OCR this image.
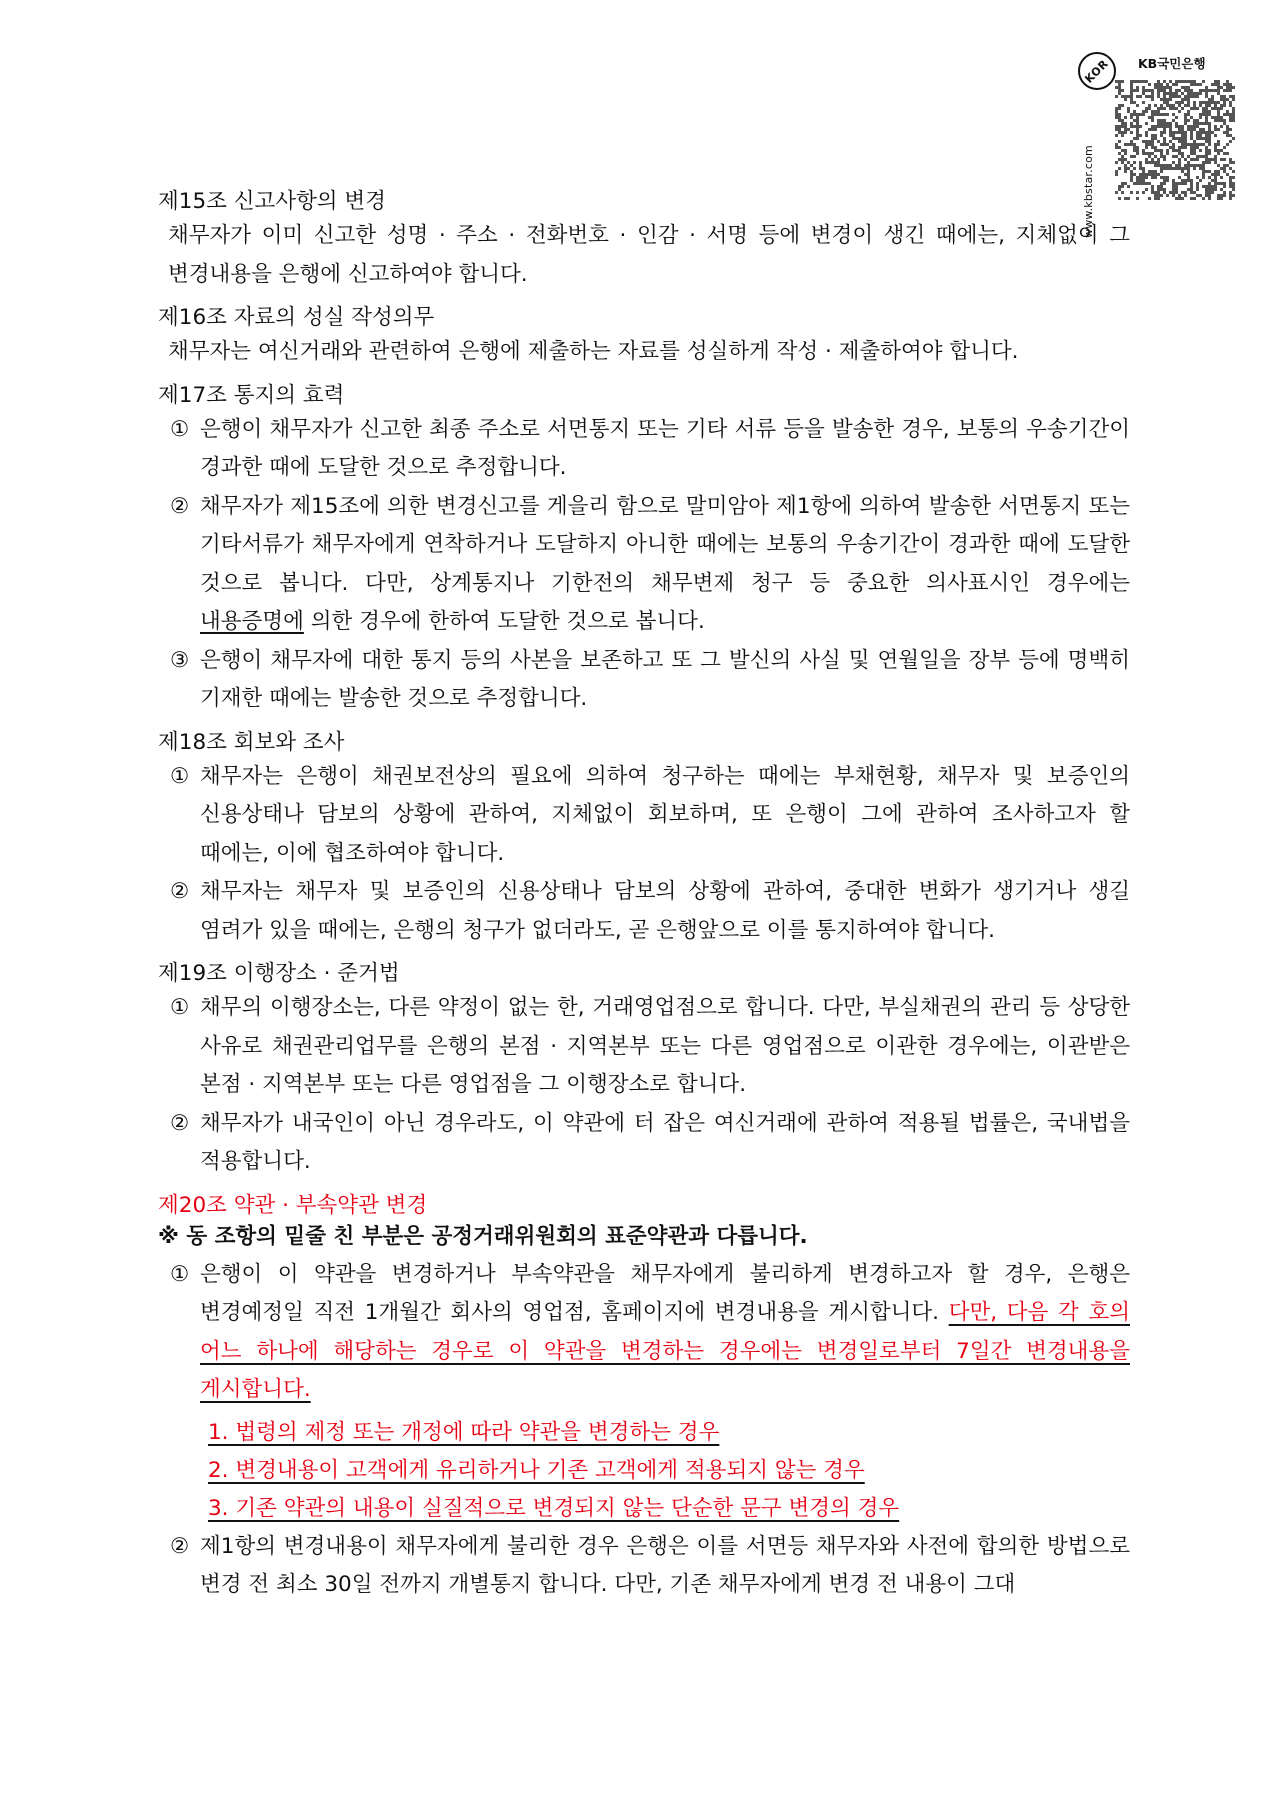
KOR
www.kbstar.com
KB국민은행
제15조 신고사항의 변경
채무자가 이미 신고한 성명 · 주소 · 전화번호 · 인감 · 서명 등에 변경이 생긴 때에는, 지체없이 그 변경내용을 은행에 신고하여야 합니다.
제16조 자료의 성실 작성의무
채무자는 여신거래와 관련하여 은행에 제출하는 자료를 성실하게 작성 · 제출하여야 합니다.
제17조 통지의 효력
① 은행이 채무자가 신고한 최종 주소로 서면통지 또는 기타 서류 등을 발송한 경우, 보통의 우송기간이 경과한 때에 도달한 것으로 추정합니다.
② 채무자가 제15조에 의한 변경신고를 게을리 함으로 말미암아 제1항에 의하여 발송한 서면통지 또는 기타서류가 채무자에게 연착하거나 도달하지 아니한 때에는 보통의 우송기간이 경과한 때에 도달한 것으로 봅니다. 다만, 상계통지나 기한전의 채무변제 청구 등 중요한 의사표시인 경우에는 내용증명에 의한 경우에 한하여 도달한 것으로 봅니다.
③ 은행이 채무자에 대한 통지 등의 사본을 보존하고 또 그 발신의 사실 및 연월일을 장부 등에 명백히 기재한 때에는 발송한 것으로 추정합니다.
제18조 회보와 조사
① 채무자는 은행이 채권보전상의 필요에 의하여 청구하는 때에는 부채현황, 채무자 및 보증인의 신용상태나 담보의 상황에 관하여, 지체없이 회보하며, 또 은행이 그에 관하여 조사하고자 할 때에는, 이에 협조하여야 합니다.
② 채무자는 채무자 및 보증인의 신용상태나 담보의 상황에 관하여, 중대한 변화가 생기거나 생길 염려가 있을 때에는, 은행의 청구가 없더라도, 곧 은행앞으로 이를 통지하여야 합니다.
제19조 이행장소 · 준거법
① 채무의 이행장소는, 다른 약정이 없는 한, 거래영업점으로 합니다. 다만, 부실채권의 관리 등 상당한 사유로 채권관리업무를 은행의 본점 · 지역본부 또는 다른 영업점으로 이관한 경우에는, 이관받은 본점 · 지역본부 또는 다른 영업점을 그 이행장소로 합니다.
② 채무자가 내국인이 아닌 경우라도, 이 약관에 터 잡은 여신거래에 관하여 적용될 법률은, 국내법을 적용합니다.
제20조 약관 · 부속약관 변경
※ 동 조항의 밑줄 친 부분은 공정거래위원회의 표준약관과 다릅니다.
① 은행이 이 약관을 변경하거나 부속약관을 채무자에게 불리하게 변경하고자 할 경우, 은행은 변경예정일 직전 1개월간 회사의 영업점, 홈페이지에 변경내용을 게시합니다. 다만, 다음 각 호의 어느 하나에 해당하는 경우로 이 약관을 변경하는 경우에는 변경일로부터 7일간 변경내용을 게시합니다.
1. 법령의 제정 또는 개정에 따라 약관을 변경하는 경우
2. 변경내용이 고객에게 유리하거나 기존 고객에게 적용되지 않는 경우
3. 기존 약관의 내용이 실질적으로 변경되지 않는 단순한 문구 변경의 경우
② 제1항의 변경내용이 채무자에게 불리한 경우 은행은 이를 서면등 채무자와 사전에 합의한 방법으로 변경 전 최소 30일 전까지 개별통지 합니다. 다만, 기존 채무자에게 변경 전 내용이 그대
